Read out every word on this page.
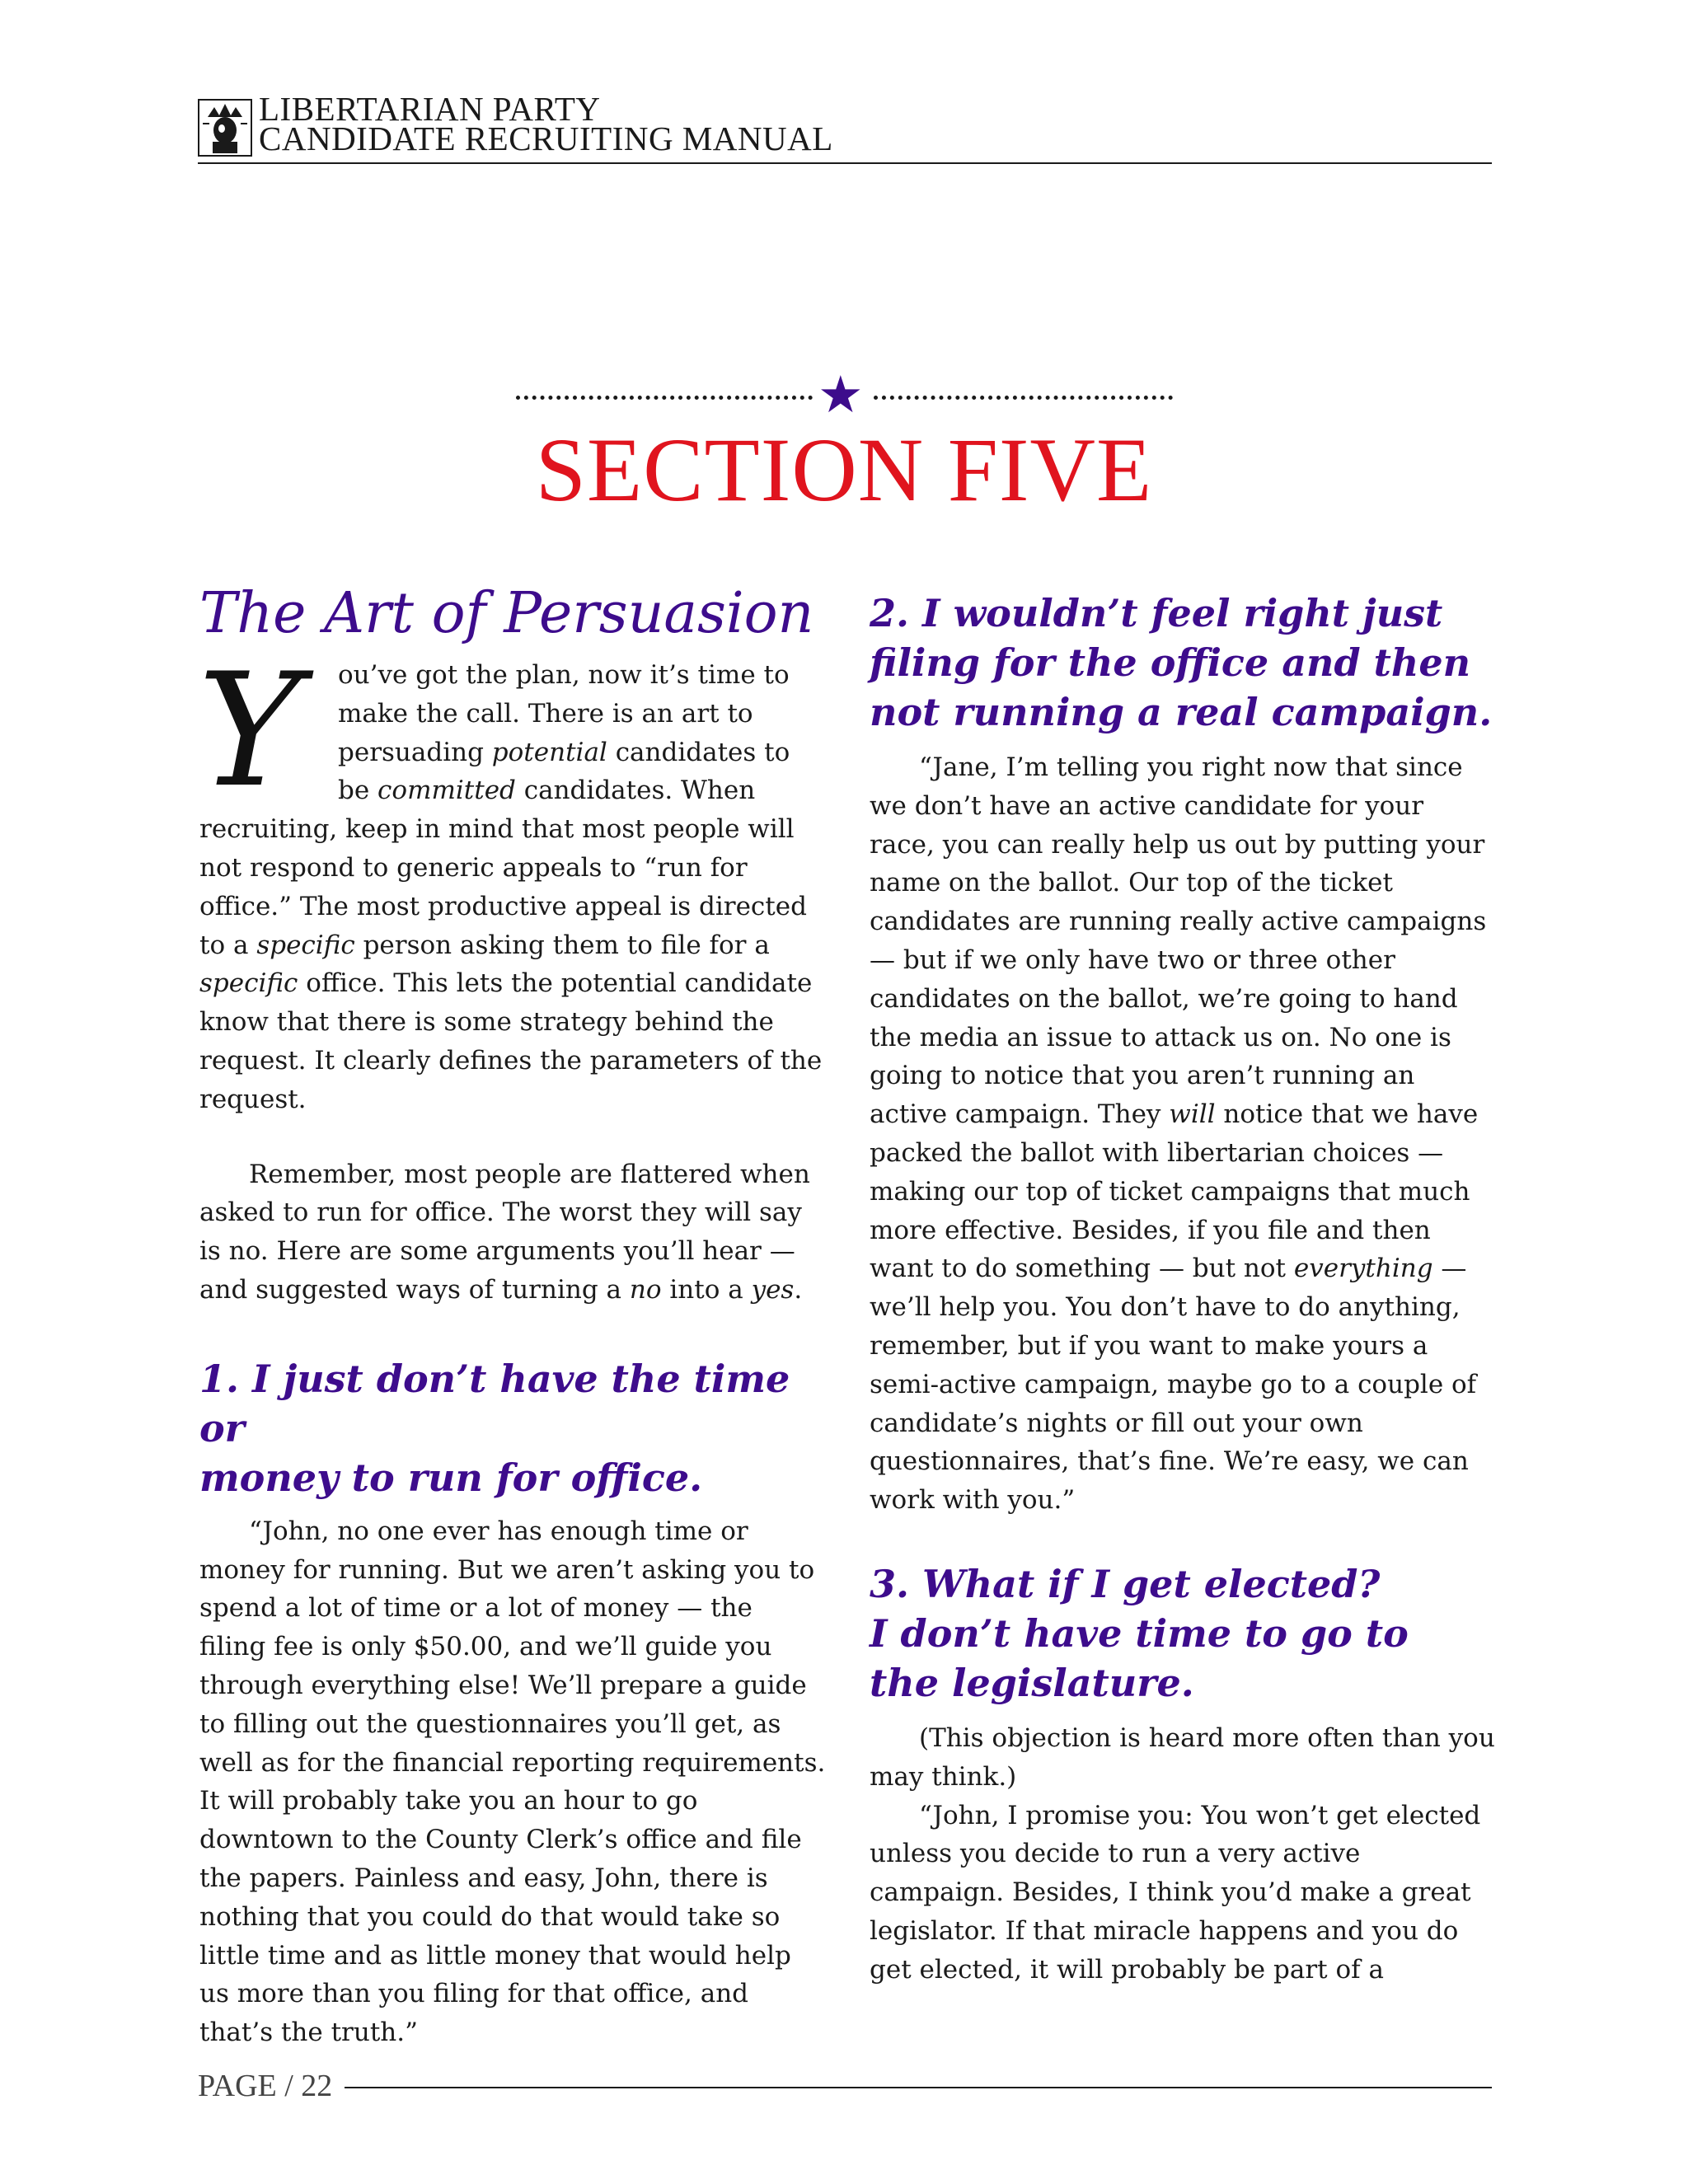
LIBERTARIAN PARTY
CANDIDATE RECRUITING MANUAL
★
SECTION FIVE
The Art of Persuasion

Y	ou’ve got the plan, now it’s time to make the call. There is an art to persuading potential candidates to be committed candidates. When recruiting, keep in mind that most people will not respond to generic appeals to “run for office.” The most productive appeal is directed to a specific person asking them to file for a specific office. This lets the potential candidate know that there is some strategy behind the request. It clearly defines the parameters of the request.

Remember, most people are flattered when asked to run for office. The worst they will say is no. Here are some arguments you’ll hear — and suggested ways of turning a no into a yes.

1. I just don’t have the time or
money to run for office.

“John, no one ever has enough time or money for running. But we aren’t asking you to spend a lot of time or a lot of money — the filing fee is only $50.00, and we’ll guide you through everything else! We’ll prepare a guide to filling out the questionnaires you’ll get, as well as for the financial reporting requirements. It will probably take you an hour to go downtown to the County Clerk’s office and file the papers. Painless and easy, John, there is nothing that you could do that would take so little time and as little money that would help us more than you filing for that office, and that’s the truth.”

2. I wouldn’t feel right just
filing for the office and then
not running a real campaign.

“Jane, I’m telling you right now that since we don’t have an active candidate for your race, you can really help us out by putting your name on the ballot. Our top of the ticket candidates are running really active campaigns — but if we only have two or three other candidates on the ballot, we’re going to hand the media an issue to attack us on. No one is going to notice that you aren’t running an active campaign. They will notice that we have packed the ballot with libertarian choices — making our top of ticket campaigns that much more effective. Besides, if you file and then want to do something — but not everything — we’ll help you. You don’t have to do anything, remember, but if you want to make yours a semi-active campaign, maybe go to a couple of candidate’s nights or fill out your own questionnaires, that’s fine. We’re easy, we can work with you.”

3. What if I get elected?
I don’t have time to go to
the legislature.

(This objection is heard more often than you may think.)

“John, I promise you: You won’t get elected unless you decide to run a very active campaign. Besides, I think you’d make a great legislator. If that miracle happens and you do get elected, it will probably be part of a

PAGE / 22
